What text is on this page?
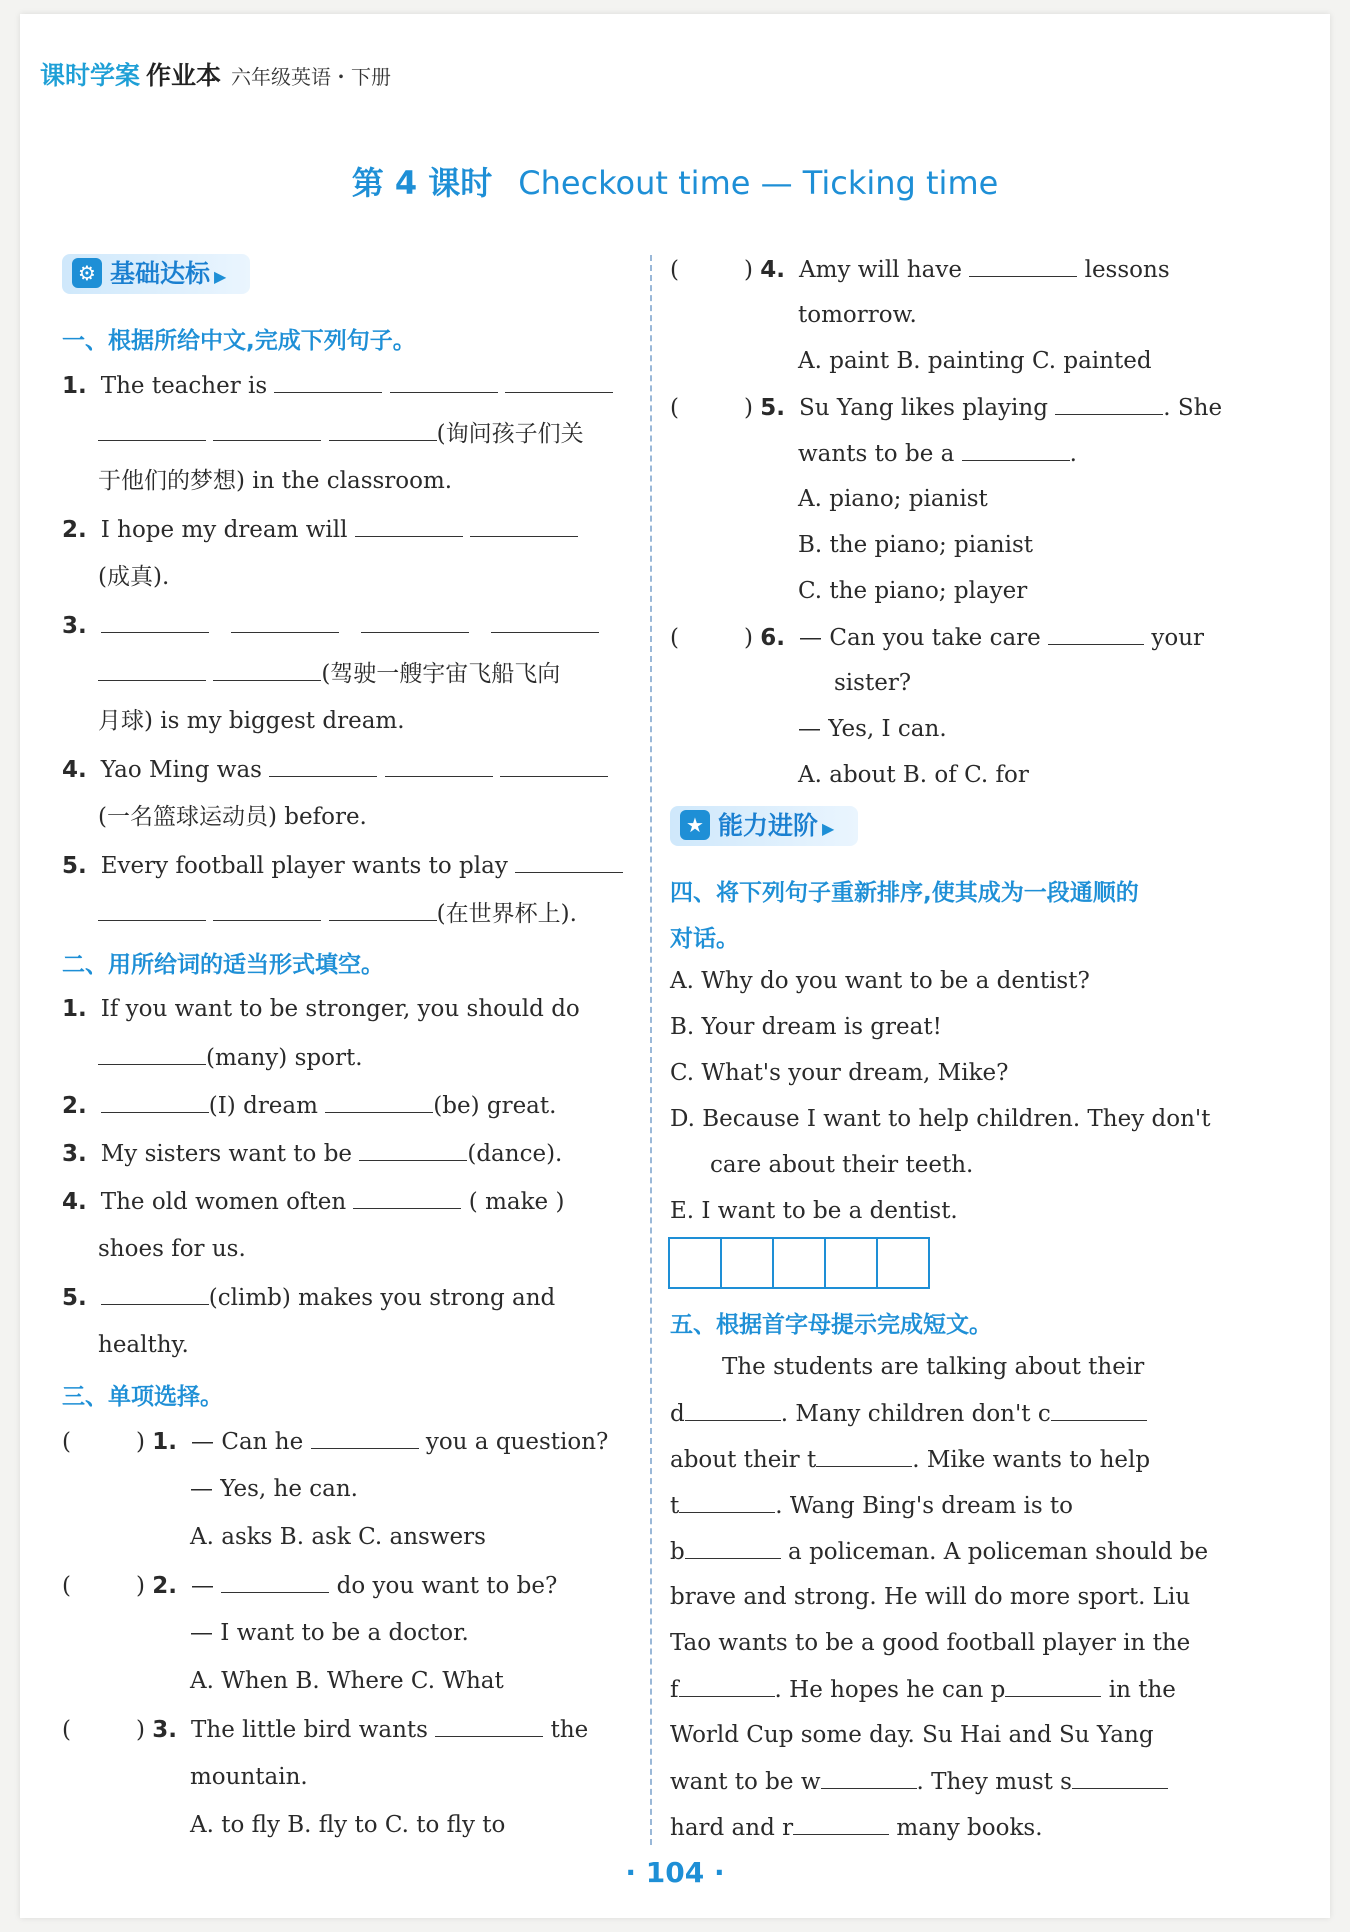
课时学案 作业本 六年级英语・下册
第 4 课时 Checkout time — Ticking time
⚙ 基础达标 ▶
一、根据所给中文,完成下列句子。
1. The teacher is
(询问孩子们关
于他们的梦想) in the classroom.
2. I hope my dream will
(成真).
3.
(驾驶一艘宇宙飞船飞向
月球) is my biggest dream.
4. Yao Ming was
(一名篮球运动员) before.
5. Every football player wants to play
(在世界杯上).
二、用所给词的适当形式填空。
1. If you want to be stronger, you should do
(many) sport.
2.	(I) dream	(be) great.
3. My sisters want to be	(dance).
4. The old women often	( make )
shoes for us.
5.	(climb) makes you strong and
healthy.
三、单项选择。
(	) 1. — Can he	you a question?
— Yes, he can.
A. asks B. ask C. answers
(	) 2. —	do you want to be?
— I want to be a doctor.
A. When B. Where C. What
(	) 3. The little bird wants	the
mountain.
A. to fly B. fly to C. to fly to
(	) 4. Amy will have	lessons
tomorrow.
A. paint B. painting C. painted
(	) 5. Su Yang likes playing	. She
wants to be a	.
A. piano; pianist
B. the piano; pianist
C. the piano; player
(	) 6. — Can you take care	your
sister?
— Yes, I can.
A. about B. of C. for
★ 能力进阶 ▶
四、将下列句子重新排序,使其成为一段通顺的
对话。
A. Why do you want to be a dentist?
B. Your dream is great!
C. What's your dream, Mike?
D. Because I want to help children. They don't
care about their teeth.
E. I want to be a dentist.
五、根据首字母提示完成短文。
The students are talking about their
d	. Many children don't c
about their t	. Mike wants to help
t	. Wang Bing's dream is to
b	a policeman. A policeman should be
brave and strong. He will do more sport. Liu
Tao wants to be a good football player in the
f	. He hopes he can p	in the
World Cup some day. Su Hai and Su Yang
want to be w	. They must s
hard and r	many books.
· 104 ·
